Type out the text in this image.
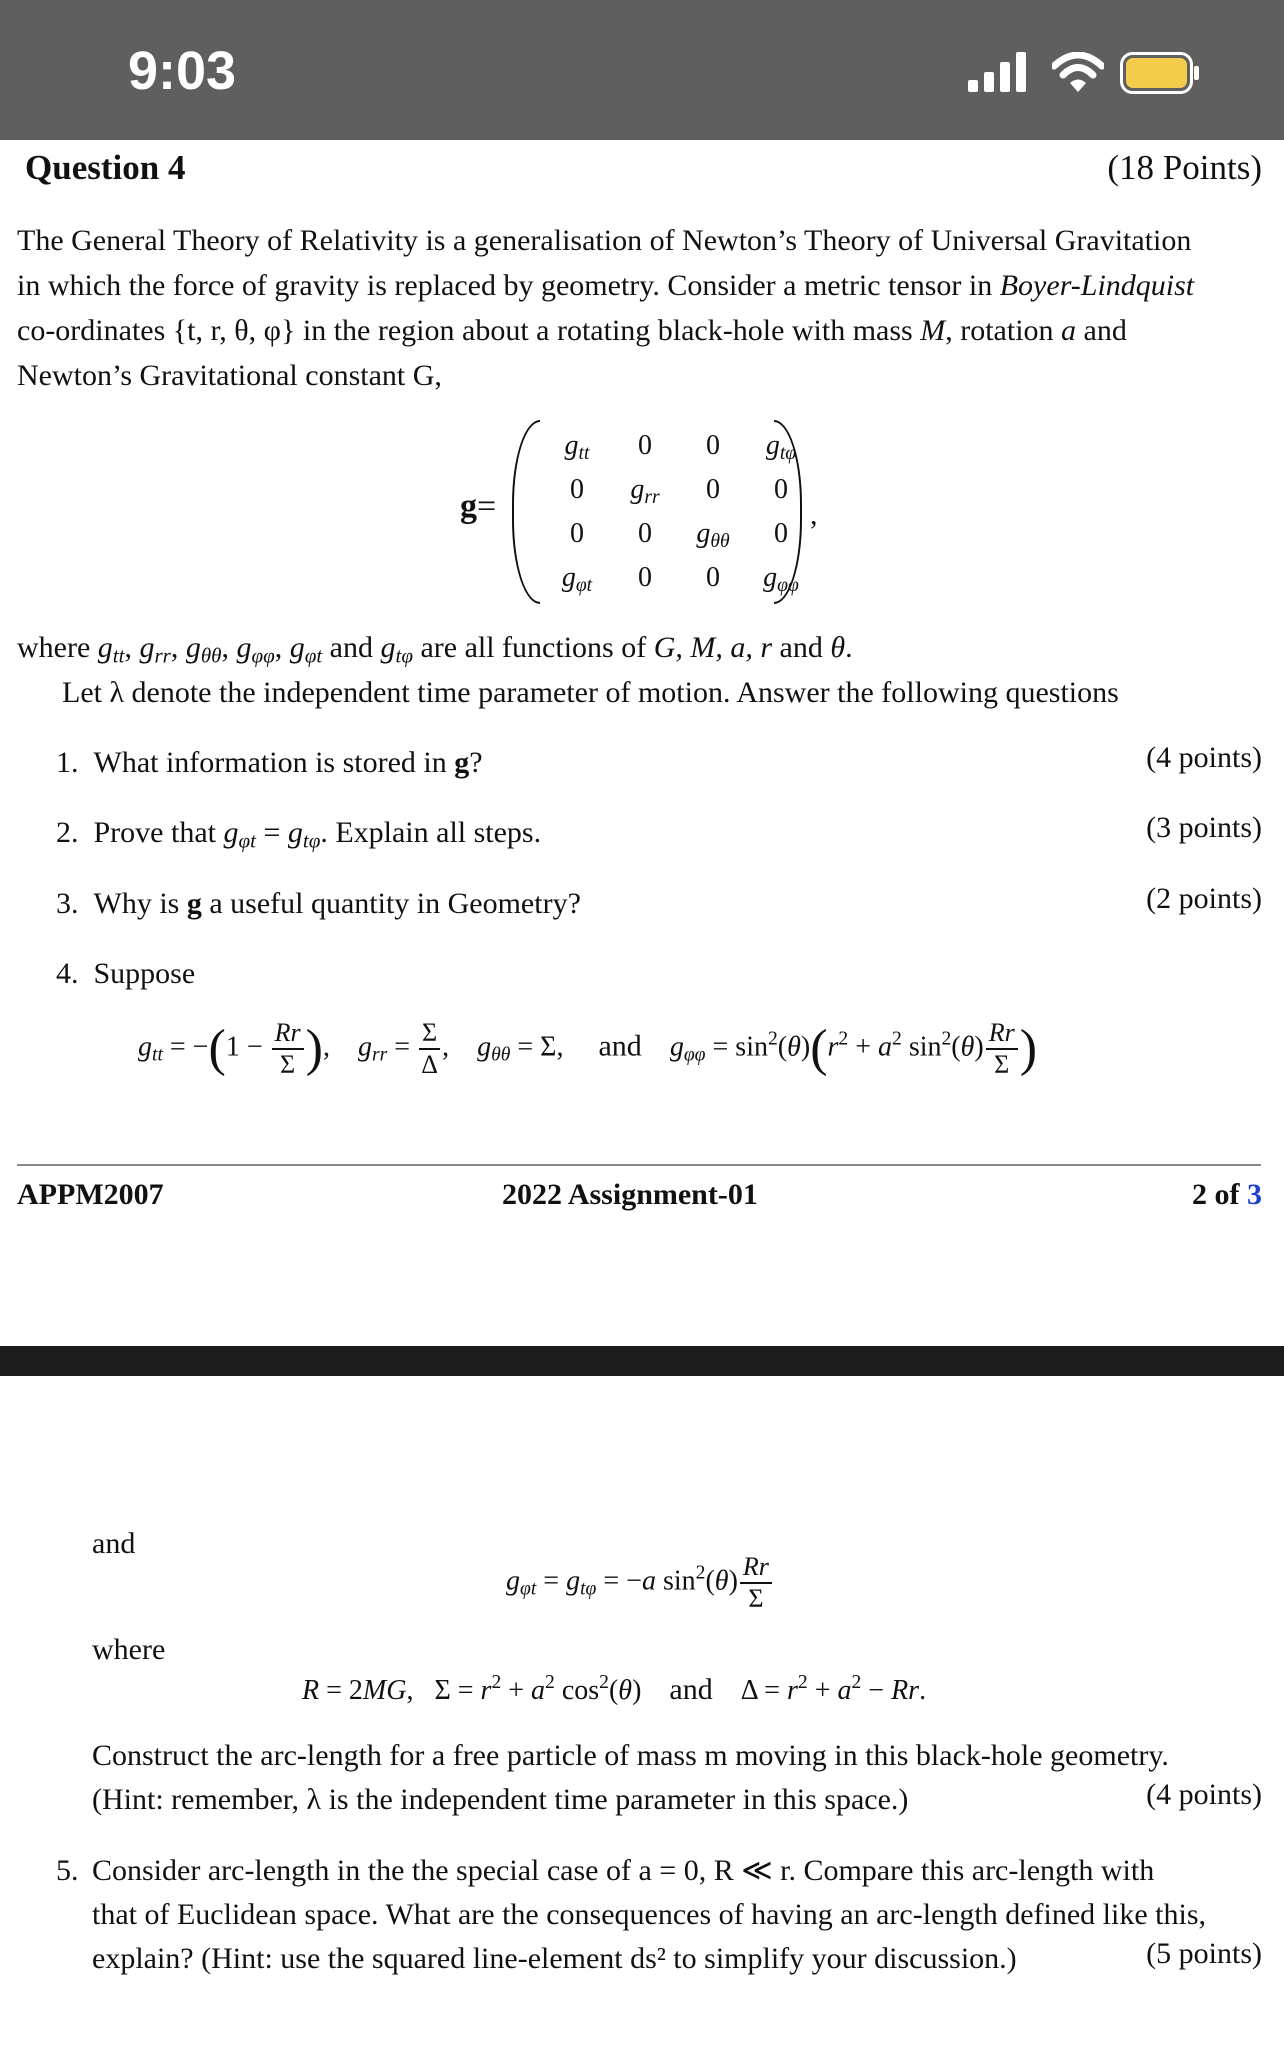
9:03
Question 4	(18 Points)
The General Theory of Relativity is a generalisation of Newton’s Theory of Universal Gravitation
in which the force of gravity is replaced by geometry. Consider a metric tensor in Boyer-Lindquist
co-ordinates {t, r, θ, φ} in the region about a rotating black-hole with mass M, rotation a and
Newton’s Gravitational constant G,
g=
$g_{tt}$	0	0	$g_{t\varphi}$
0	$g_{rr}$	0	0
0	0	$g_{\theta\theta}$	0
$g_{\varphi t}$	0	0	$g_{\varphi\varphi}$
,
where $g_{tt}$, $g_{rr}$, $g_{\theta\theta}$, $g_{\varphi\varphi}$, $g_{\varphi t}$ and $g_{t\varphi}$ are all functions of G, M, a, r and θ.
Let λ denote the independent time parameter of motion. Answer the following questions
1. What information is stored in g?	(4 points)
2. Prove that $g_{\varphi t} = g_{t\varphi}$. Explain all steps.	(3 points)
3. Why is g a useful quantity in Geometry?	(2 points)
4. Suppose
$g_{tt} = -(1 - \frac{Rr}{\Sigma}$ ),    $g_{rr} = \frac{\Sigma}{\Delta}$ ,    $g_{\theta\theta} = \Sigma$,     and $g_{\varphi\varphi} = \sin^2(\theta)(r^2 + a^2$ $\sin^2(\theta) \frac{Rr}{\Sigma}$ )
APPM2007	2022 Assignment-01	2 of 3
and
$g_{\varphi t} = g_{t\varphi} = -a$ $\sin^2(\theta) \frac{Rr}{\Sigma}$
where
R = 2MG,   $\Sigma = r^2 + a^2$ $\cos^2(\theta)$    and    $\Delta = r^2 + a^2 - Rr$.
Construct the arc-length for a free particle of mass m moving in this black-hole geometry.
(Hint: remember, λ is the independent time parameter in this space.)	(4 points)
5. Consider arc-length in the the special case of a = 0, R ≪ r. Compare this arc-length with
that of Euclidean space. What are the consequences of having an arc-length defined like this,
explain? (Hint: use the squared line-element ds² to simplify your discussion.)	(5 points)
